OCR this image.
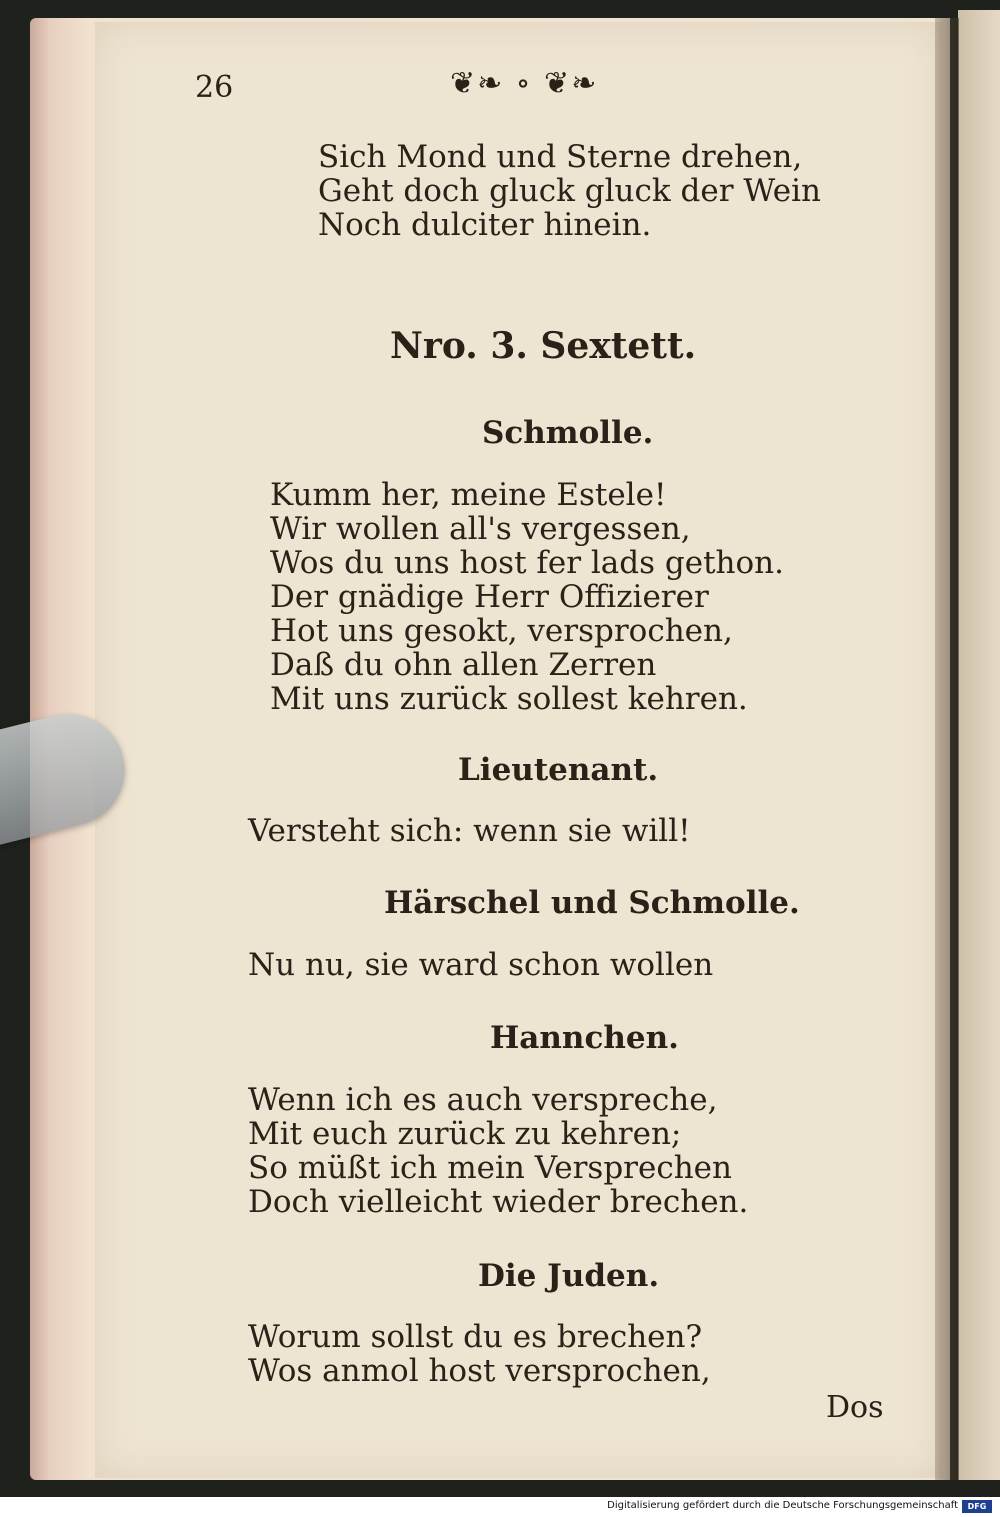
26	❦❧ ∘ ❦❧
Sich Mond und Sterne drehen,
Geht doch gluck gluck der Wein
Noch dulciter hinein.
Nro. 3. Sextett.
Schmolle.
Kumm her, meine Estele!
Wir wollen all's vergessen,
Wos du uns host fer lads gethon.
Der gnädige Herr Offizierer
Hot uns gesokt, versprochen,
Daß du ohn allen Zerren
Mit uns zurück sollest kehren.
Lieutenant.
Versteht sich: wenn sie will!
Härschel und Schmolle.
Nu nu, sie ward schon wollen
Hannchen.
Wenn ich es auch verspreche,
Mit euch zurück zu kehren;
So müßt ich mein Versprechen
Doch vielleicht wieder brechen.
Die Juden.
Worum sollst du es brechen?
Wos anmol host versprochen,
Dos
Digitalisierung gefördert durch die Deutsche Forschungsgemeinschaft	DFG
